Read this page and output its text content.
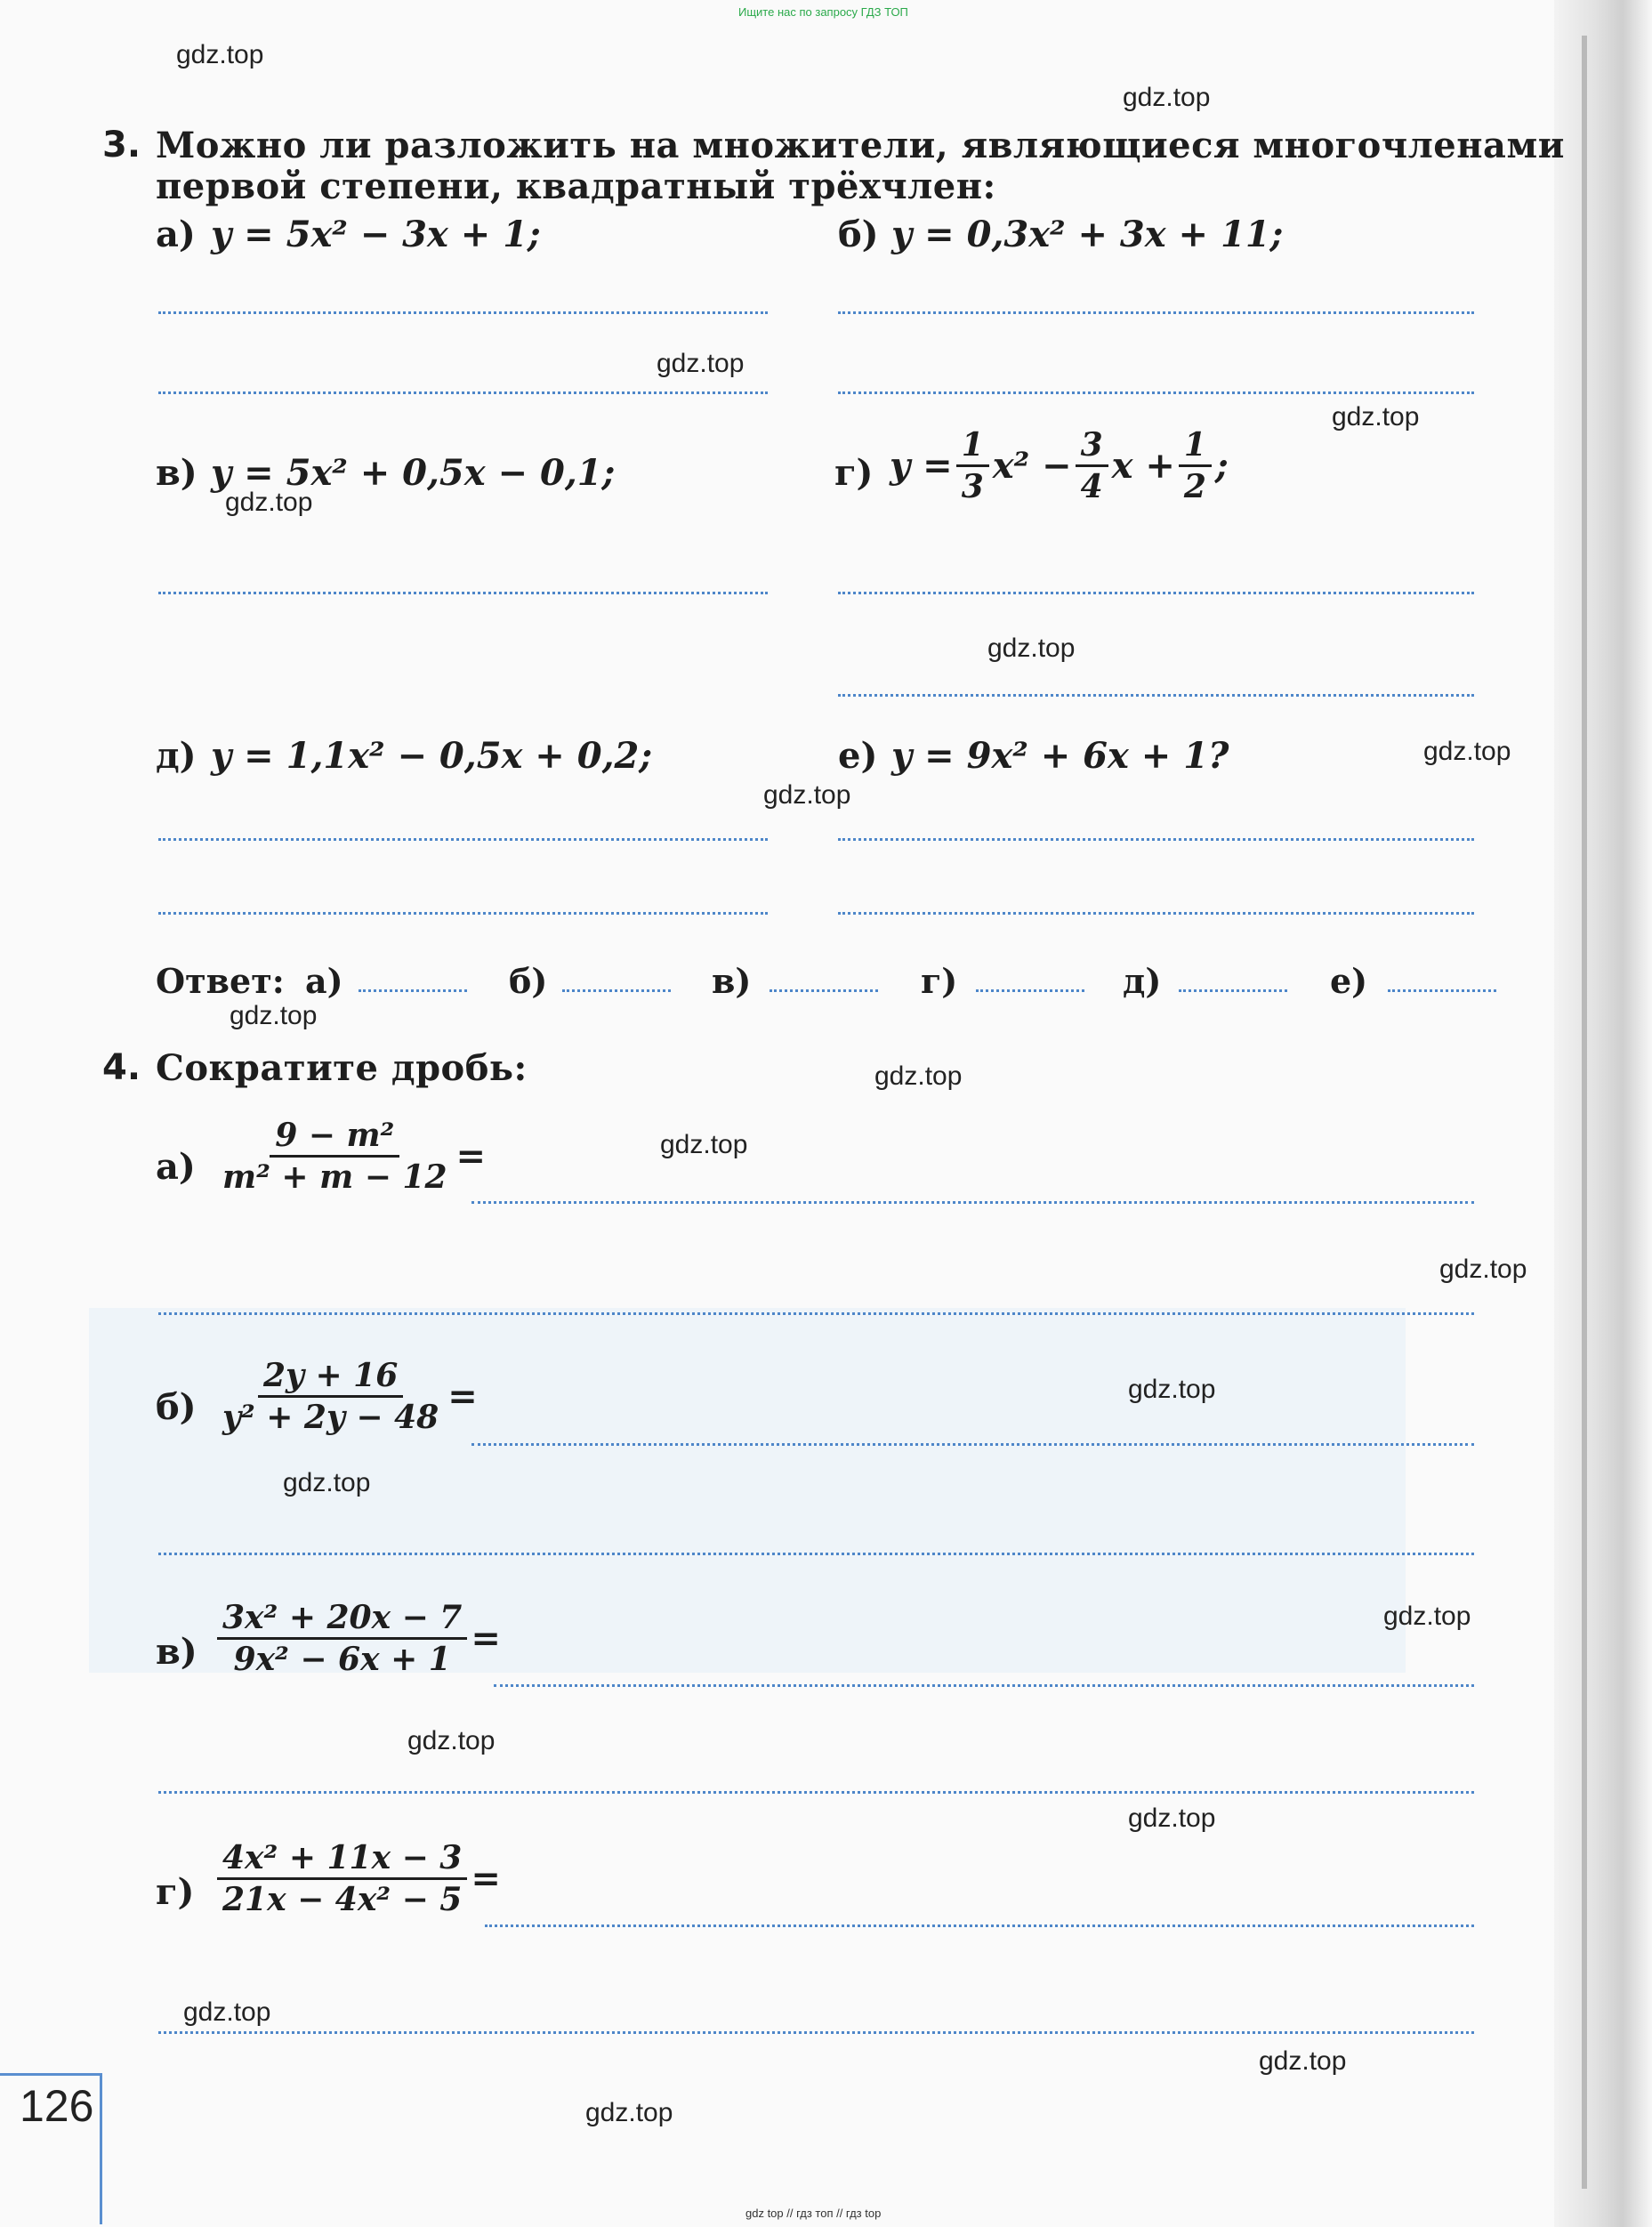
Ищите нас по запросу ГДЗ ТОП
gdz.top
gdz.top
gdz.top
gdz.top
gdz.top
gdz.top
gdz.top
gdz.top
gdz.top
gdz.top
gdz.top
gdz.top
gdz.top
gdz.top
gdz.top
gdz.top
gdz.top
gdz.top
gdz.top
gdz.top
3. Можно ли разложить на множители, являющиеся многочленами
первой степени, квадратный трёхчлен:
а) y = 5x² − 3x + 1;	б) y = 0,3x² + 3x + 11;
в) y = 5x² + 0,5x − 0,1;	г) $y = \frac{1}{3} x^2 - \frac{3}{4}$ $x + \frac{1}{2}$ ;
д) y = 1,1x² − 0,5x + 0,2;	е) y = 9x² + 6x + 1?
Ответ: а)	б)	в)	г)	д)	е)
4. Сократите дробь:
$а) \frac{\text{9 − m²}}{\text{m² + m − 12}}$ =
$б) \frac{2y + 16}{\text{y² + 2y − 48}}$ =
$в) \frac{\text{3x² + 20x − 7}}{\text{9x² − 6x + 1}}$ =
$г) \frac{\text{4x² + 11x − 3}}{\text{21x − 4x² − 5}}$ =
126
gdz top // гдз топ // гдз top
